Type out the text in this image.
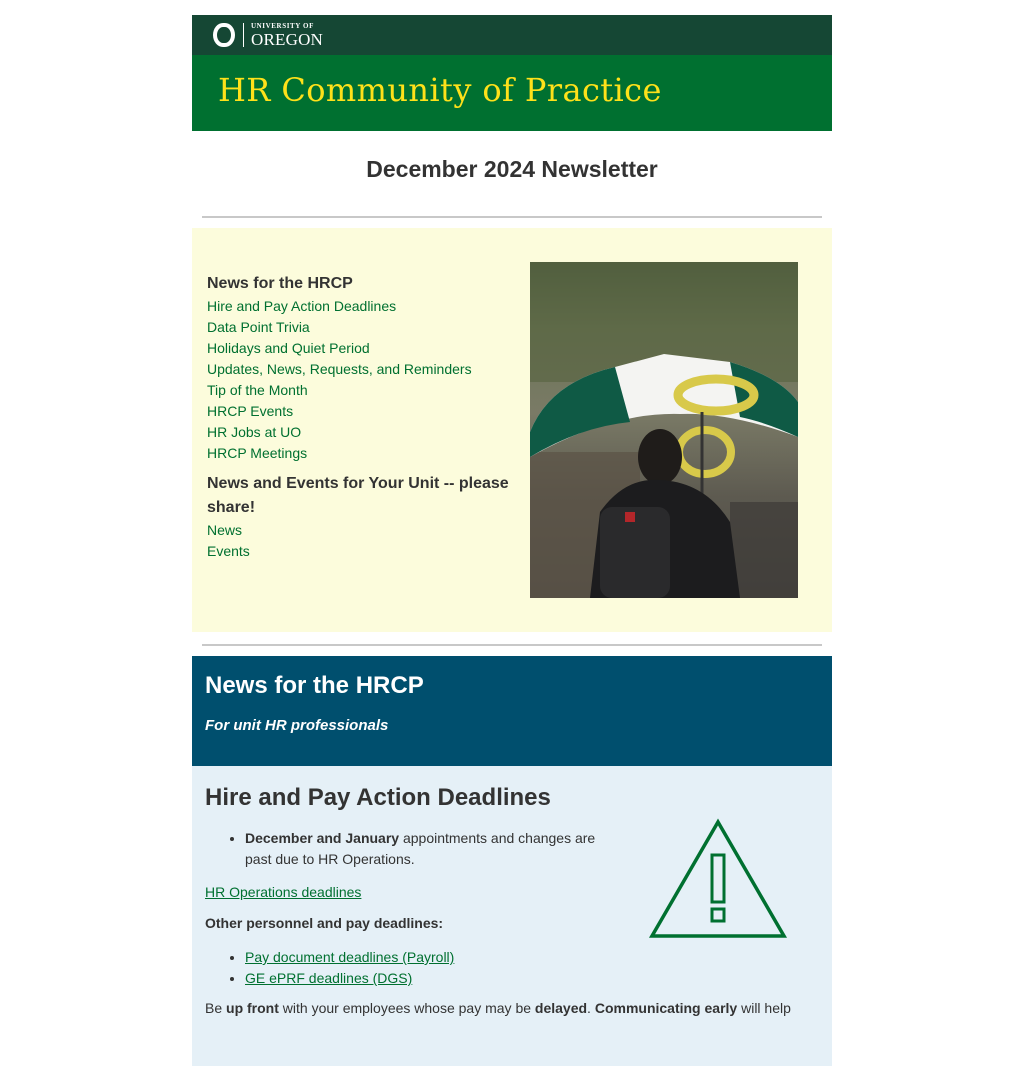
UNIVERSITY OF
OREGON
HR Community of Practice
December 2024 Newsletter
News for the HRCP
Hire and Pay Action Deadlines
Data Point Trivia
Holidays and Quiet Period
Updates, News, Requests, and Reminders
Tip of the Month
HRCP Events
HR Jobs at UO
HRCP Meetings
News and Events for Your Unit -- please share!
News
Events
News for the HRCP
For unit HR professionals
Hire and Pay Action Deadlines
• December and January appointments and changes are past due to HR Operations.
HR Operations deadlines
Other personnel and pay deadlines:
• Pay document deadlines (Payroll)
• GE ePRF deadlines (DGS)
Be up front with your employees whose pay may be delayed. Communicating early will help
